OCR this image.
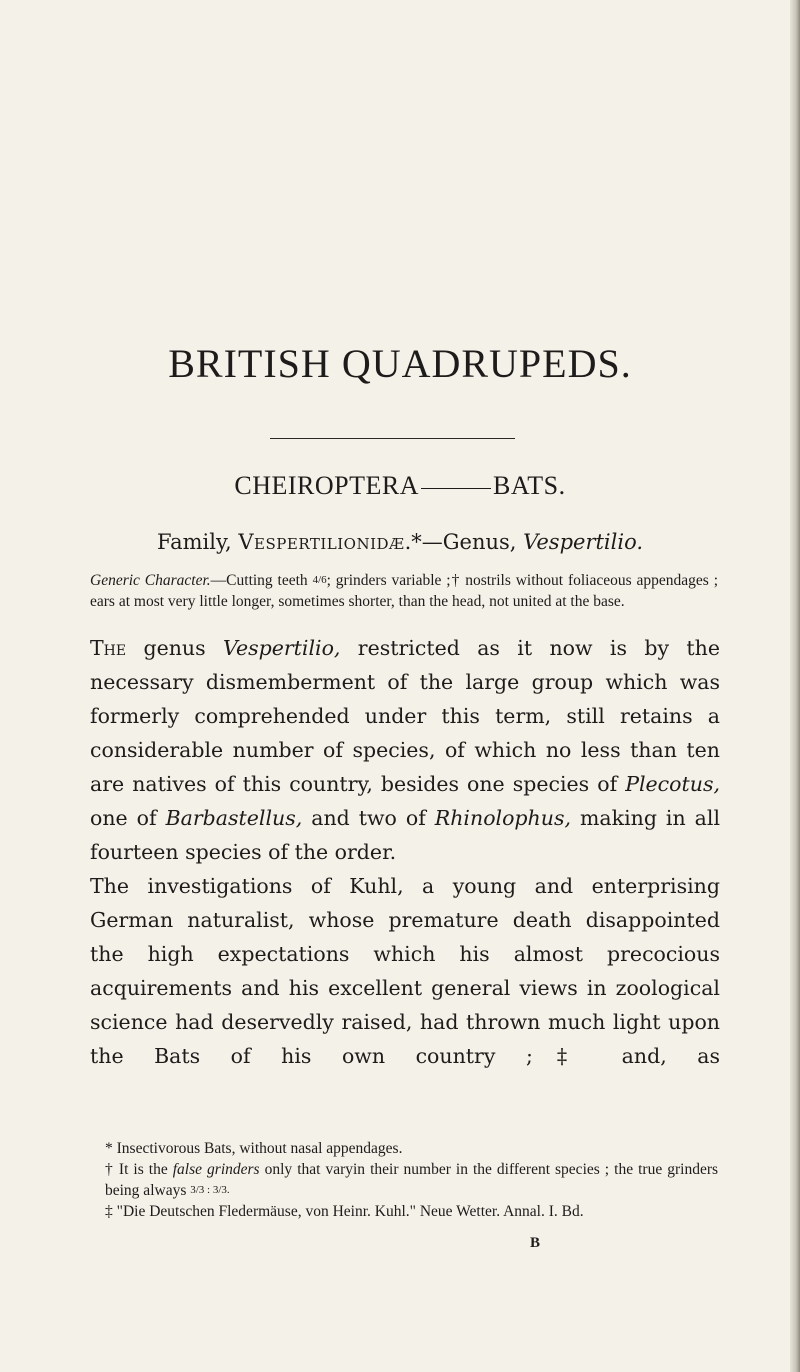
BRITISH QUADRUPEDS.
CHEIROPTERA	BATS.
Family, Vespertilionidæ.*—Genus, Vespertilio.

Generic Character.—Cutting teeth 4/6; grinders variable ;† nostrils without foliaceous appendages ; ears at most very little longer, sometimes shorter, than the head, not united at the base.

The genus Vespertilio, restricted as it now is by the necessary dismemberment of the large group which was formerly comprehended under this term, still retains a considerable number of species, of which no less than ten are natives of this country, besides one species of Plecotus, one of Barbastellus, and two of Rhinolophus, making in all fourteen species of the order.

The investigations of Kuhl, a young and enterprising German naturalist, whose premature death disappointed the high expectations which his almost precocious acquirements and his excellent general views in zoological science had deservedly raised, had thrown much light upon the Bats of his own country ;‡ and, as

* Insectivorous Bats, without nasal appendages.

† It is the false grinders only that varyin their number in the different species ; the true grinders being always 3/3 : 3/3.

‡ "Die Deutschen Fledermäuse, von Heinr. Kuhl." Neue Wetter. Annal. I. Bd.

B
